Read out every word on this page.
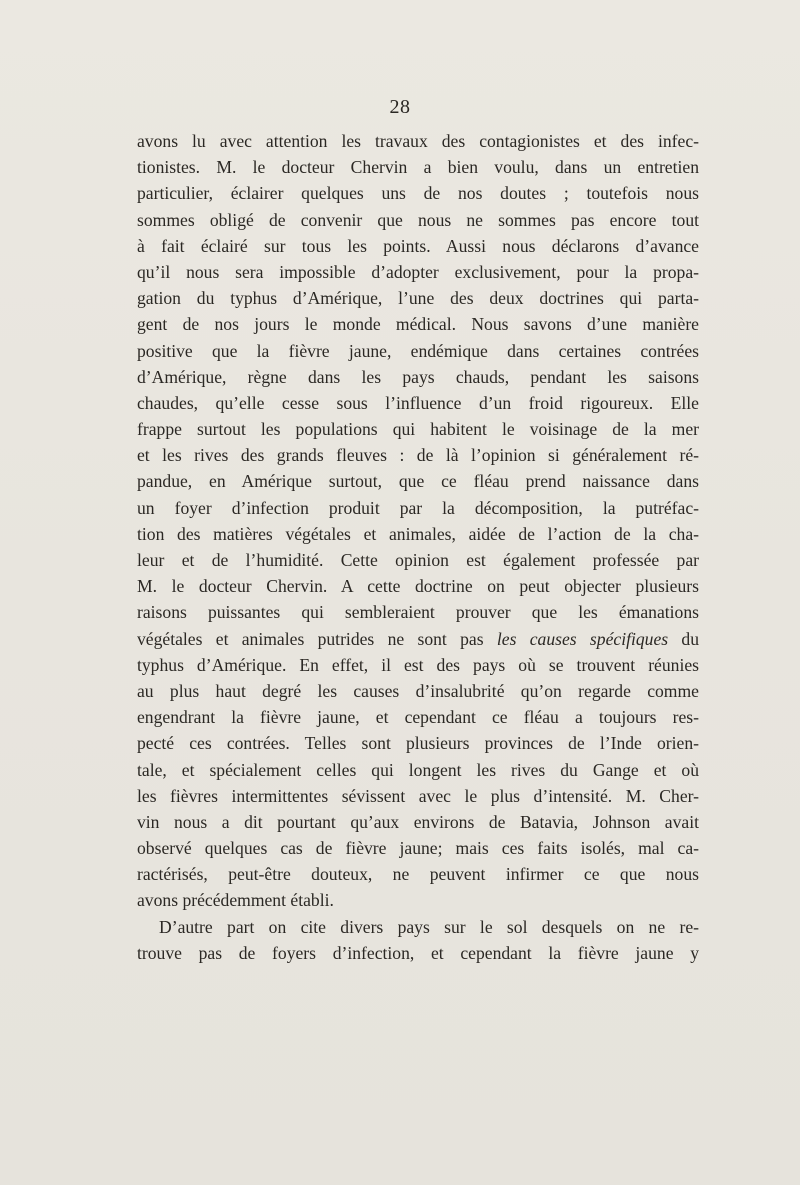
28
avons lu avec attention les travaux des contagionistes et des infec-
tionistes. M. le docteur Chervin a bien voulu, dans un entretien
particulier, éclairer quelques uns de nos doutes ; toutefois nous
sommes obligé de convenir que nous ne sommes pas encore tout
à fait éclairé sur tous les points. Aussi nous déclarons d’avance
qu’il nous sera impossible d’adopter exclusivement, pour la propa-
gation du typhus d’Amérique, l’une des deux doctrines qui parta-
gent de nos jours le monde médical. Nous savons d’une manière
positive que la fièvre jaune, endémique dans certaines contrées
d’Amérique, règne dans les pays chauds, pendant les saisons
chaudes, qu’elle cesse sous l’influence d’un froid rigoureux. Elle
frappe surtout les populations qui habitent le voisinage de la mer
et les rives des grands fleuves : de là l’opinion si généralement ré-
pandue, en Amérique surtout, que ce fléau prend naissance dans
un foyer d’infection produit par la décomposition, la putréfac-
tion des matières végétales et animales, aidée de l’action de la cha-
leur et de l’humidité. Cette opinion est également professée par
M. le docteur Chervin. A cette doctrine on peut objecter plusieurs
raisons puissantes qui sembleraient prouver que les émanations
végétales et animales putrides ne sont pas les causes spécifiques du
typhus d’Amérique. En effet, il est des pays où se trouvent réunies
au plus haut degré les causes d’insalubrité qu’on regarde comme
engendrant la fièvre jaune, et cependant ce fléau a toujours res-
pecté ces contrées. Telles sont plusieurs provinces de l’Inde orien-
tale, et spécialement celles qui longent les rives du Gange et où
les fièvres intermittentes sévissent avec le plus d’intensité. M. Cher-
vin nous a dit pourtant qu’aux environs de Batavia, Johnson avait
observé quelques cas de fièvre jaune; mais ces faits isolés, mal ca-
ractérisés, peut-être douteux, ne peuvent infirmer ce que nous
avons précédemment établi.
D’autre part on cite divers pays sur le sol desquels on ne re-
trouve pas de foyers d’infection, et cependant la fièvre jaune y
